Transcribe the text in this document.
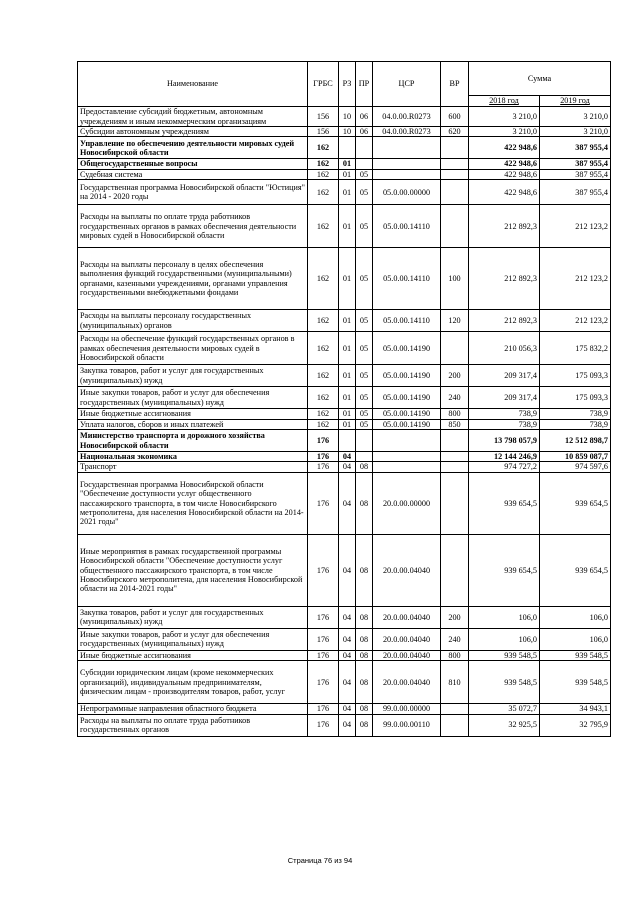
Наименование	ГРБС	РЗ	ПР	ЦСР	ВР	Сумма	
						2018 год	2019 год
Предоставление субсидий бюджетным, автономным учреждениям и иным некоммерческим организациям	156	10	06	04.0.00.R0273	600	3 210,0	3 210,0
Субсидии автономным учреждениям	156	10	06	04.0.00.R0273	620	3 210,0	3 210,0
Управление по обеспечению деятельности мировых судей Новосибирской области	162					422 948,6	387 955,4
Общегосударственные вопросы	162	01				422 948,6	387 955,4
Судебная система	162	01	05			422 948,6	387 955,4
Государственная программа Новосибирской области "Юстиция" на 2014 - 2020 годы	162	01	05	05.0.00.00000		422 948,6	387 955,4
Расходы на выплаты по оплате труда работников государственных органов в рамках обеспечения деятельности мировых судей в Новосибирской области	162	01	05	05.0.00.14110		212 892,3	212 123,2
Расходы на выплаты персоналу в целях обеспечения выполнения функций государственными (муниципальными) органами, казенными учреждениями, органами управления государственными внебюджетными фондами	162	01	05	05.0.00.14110	100	212 892,3	212 123,2
Расходы на выплаты персоналу государственных (муниципальных) органов	162	01	05	05.0.00.14110	120	212 892,3	212 123,2
Расходы на обеспечение функций государственных органов в рамках обеспечения деятельности мировых судей в Новосибирской области	162	01	05	05.0.00.14190		210 056,3	175 832,2
Закупка товаров, работ и услуг для государственных (муниципальных) нужд	162	01	05	05.0.00.14190	200	209 317,4	175 093,3
Иные закупки товаров, работ и услуг для обеспечения государственных (муниципальных) нужд	162	01	05	05.0.00.14190	240	209 317,4	175 093,3
Иные бюджетные ассигнования	162	01	05	05.0.00.14190	800	738,9	738,9
Уплата налогов, сборов и иных платежей	162	01	05	05.0.00.14190	850	738,9	738,9
Министерство транспорта и дорожного хозяйства Новосибирской области	176					13 798 057,9	12 512 898,7
Национальная экономика	176	04				12 144 246,9	10 859 087,7
Транспорт	176	04	08			974 727,2	974 597,6
Государственная программа Новосибирской области "Обеспечение доступности услуг общественного пассажирского транспорта, в том числе Новосибирского метрополитена, для населения Новосибирской области на 2014-2021 годы"	176	04	08	20.0.00.00000		939 654,5	939 654,5
Иные мероприятия в рамках государственной программы Новосибирской области "Обеспечение доступности услуг общественного пассажирского транспорта, в том числе Новосибирского метрополитена, для населения Новосибирской области на 2014-2021 годы"	176	04	08	20.0.00.04040		939 654,5	939 654,5
Закупка товаров, работ и услуг для государственных (муниципальных) нужд	176	04	08	20.0.00.04040	200	106,0	106,0
Иные закупки товаров, работ и услуг для обеспечения государственных (муниципальных) нужд	176	04	08	20.0.00.04040	240	106,0	106,0
Иные бюджетные ассигнования	176	04	08	20.0.00.04040	800	939 548,5	939 548,5
Субсидии юридическим лицам (кроме некоммерческих организаций), индивидуальным предпринимателям, физическим лицам - производителям товаров, работ, услуг	176	04	08	20.0.00.04040	810	939 548,5	939 548,5
Непрограммные направления областного бюджета	176	04	08	99.0.00.00000		35 072,7	34 943,1
Расходы на выплаты по оплате труда работников государственных органов	176	04	08	99.0.00.00110		32 925,5	32 795,9
Страница 76 из 94
